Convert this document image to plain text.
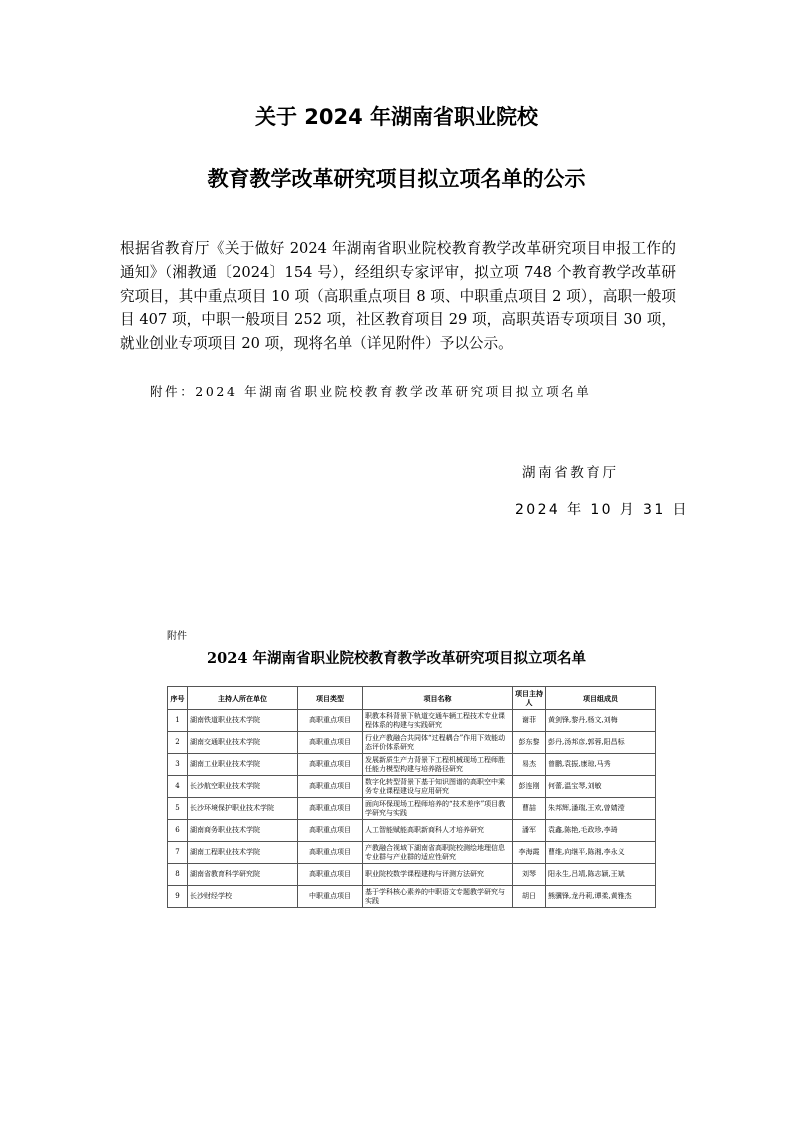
关于 2024 年湖南省职业院校
教育教学改革研究项目拟立项名单的公示
根据省教育厅《关于做好 2024 年湖南省职业院校教育教学改革研究项目申报工作的通知》（湘教通〔2024〕154 号），经组织专家评审，拟立项 748 个教育教学改革研究项目，其中重点项目 10 项（高职重点项目 8 项、中职重点项目 2 项），高职一般项目 407 项，中职一般项目 252 项，社区教育项目 29 项，高职英语专项项目 30 项，就业创业专项项目 20 项，现将名单（详见附件）予以公示。
附件：2024 年湖南省职业院校教育教学改革研究项目拟立项名单
湖南省教育厅
2024 年 10 月 31 日
附件
2024 年湖南省职业院校教育教学改革研究项目拟立项名单
序号	主持人所在单位	项目类型	项目名称	项目主持人	项目组成员
1	湖南铁道职业技术学院	高职重点项目	职教本科背景下轨道交通车辆工程技术专业课程体系的构建与实践研究	谢菲	黄剑锋,黎丹,杨文,刘梅
2	湖南交通职业技术学院	高职重点项目	行业产教融合共同体“过程耦合”作用下效能动态评价体系研究	彭东黎	彭丹,汤邦彦,郭蓉,阳昌标
3	湖南工业职业技术学院	高职重点项目	发展新质生产力背景下工程机械现场工程师胜任能力模型构建与培养路径研究	易杰	曾鹏,袁振,康琼,马秀
4	长沙航空职业技术学院	高职重点项目	数字化转型背景下基于知识图谱的高职空中乘务专业课程建设与应用研究	彭连刚	何蕾,温宝琴,刘敏
5	长沙环境保护职业技术学院	高职重点项目	面向环保现场工程师培养的“技术差序”项目教学研究与实践	曹喆	朱邦辉,潘瑞,王欢,曾婧滢
6	湖南商务职业技术学院	高职重点项目	人工智能赋能高职新商科人才培养研究	潘军	袁鑫,陈艳,毛政珍,李琦
7	湖南工程职业技术学院	高职重点项目	产教融合视域下湖南省高职院校测绘地理信息专业群与产业群的适应性研究	李海霞	曹维,向继平,陈湘,李永义
8	湖南省教育科学研究院	高职重点项目	职业院校数学课程建构与评测方法研究	刘琴	阳永生,吕靖,陈志颖,王斌
9	长沙财经学校	中职重点项目	基于学科核心素养的中职语文专题教学研究与实践	胡日	熊骥锋,龙丹莉,谭柔,黄雅杰
